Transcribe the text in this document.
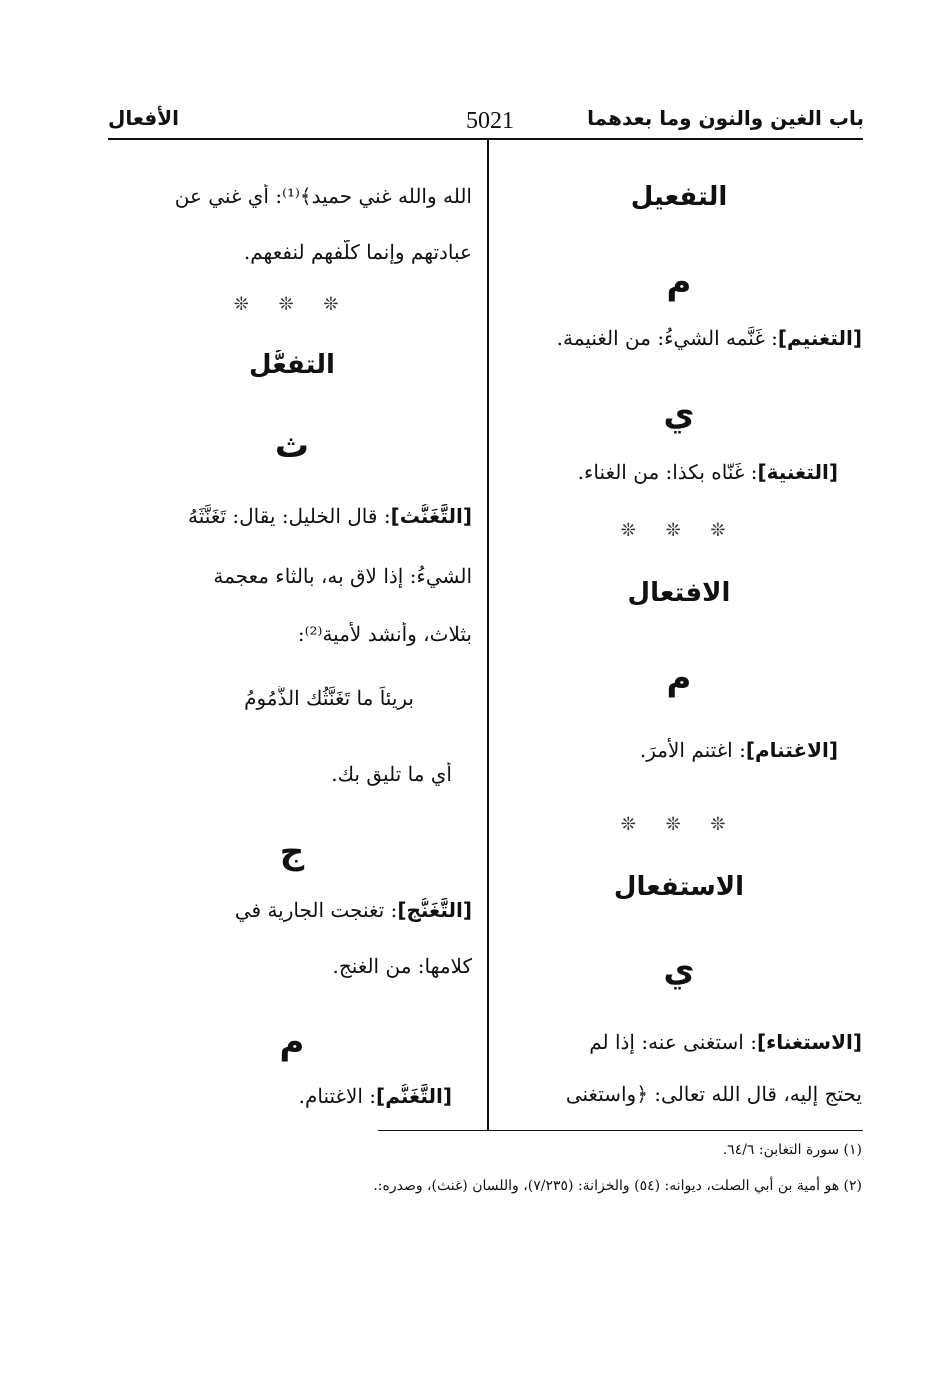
باب الغين والنون وما بعدهما
5021
الأفعال
التفعيل
م
[التغنيم]: غَنَّمه الشيءُ: من الغنيمة.
ي
[التغنية]: غَنّاه بكذا: من الغناء.
❊ ❊ ❊
الافتعال
م
[الاغتنام]: اغتنم الأمرَ.
❊ ❊ ❊
الاستفعال
ي
[الاستغناء]: استغنى عنه: إذا لم
يحتج إليه، قال الله تعالى: ﴿واستغنى
الله والله غني حميد﴾⁽¹⁾: أي غني عن
عبادتهم وإنما كلّفهم لنفعهم.
❊ ❊ ❊
التفعُّل
ث
[التَّغَنُّث]: قال الخليل: يقال: تَغَنَّثَهُ
الشيءُ: إذا لاق به، بالثاء معجمة
بثلاث، وأنشد لأمية⁽²⁾:
بريئاً ما تَغَنَّثُك الذُّمُومُ
أي ما تليق بك.
ج
[التَّغَنُّج]: تغنجت الجارية في
كلامها: من الغنج.
م
[التَّغَنُّم]: الاغتنام.
(١) سورة التغابن: ٦٤/٦.
(٢) هو أمية بن أبي الصلت، ديوانه: (٥٤) والخزانة: (٧/٢٣٥)، واللسان (غنث)، وصدره:.
